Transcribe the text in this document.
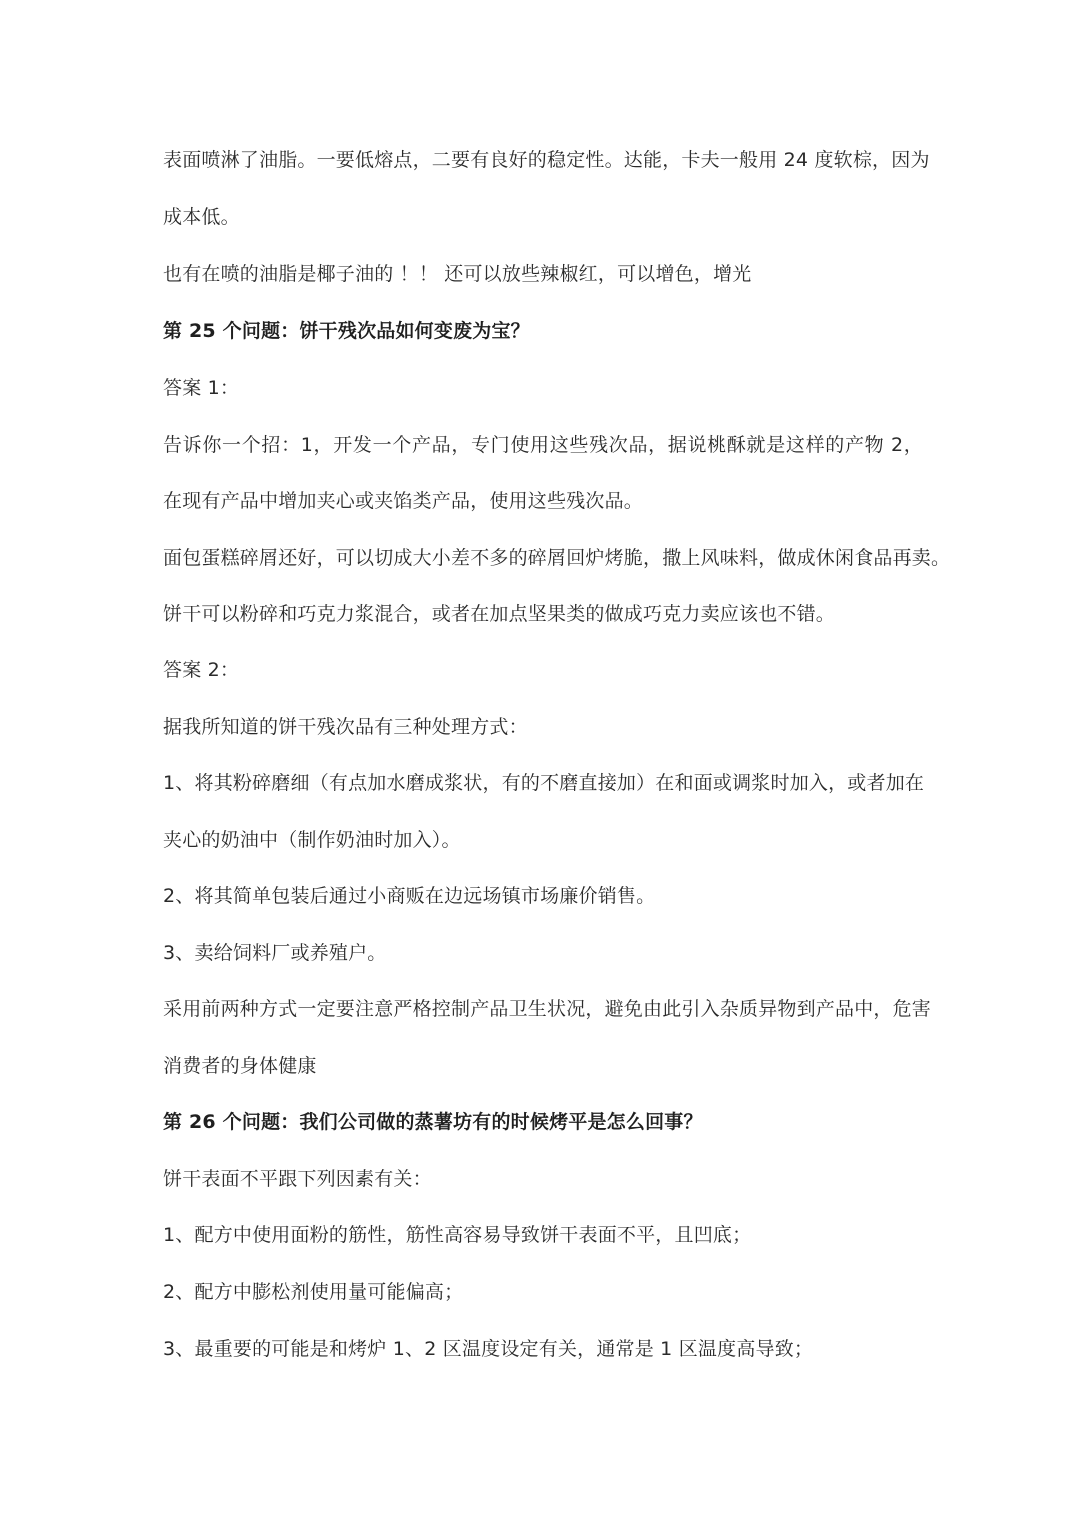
表面喷淋了油脂。一要低熔点，二要有良好的稳定性。达能，卡夫一般用 24 度软棕，因为
成本低。
也有在喷的油脂是椰子油的 ！！ 还可以放些辣椒红，可以增色，增光
第 25 个问题：饼干残次品如何变废为宝？
答案 1：
告诉你一个招：1，开发一个产品，专门使用这些残次品，据说桃酥就是这样的产物 2，
在现有产品中增加夹心或夹馅类产品，使用这些残次品。
面包蛋糕碎屑还好，可以切成大小差不多的碎屑回炉烤脆，撒上风味料，做成休闲食品再卖。
饼干可以粉碎和巧克力浆混合，或者在加点坚果类的做成巧克力卖应该也不错。
答案 2：
据我所知道的饼干残次品有三种处理方式：
1、将其粉碎磨细（有点加水磨成浆状，有的不磨直接加）在和面或调浆时加入，或者加在
夹心的奶油中（制作奶油时加入）。
2、将其简单包装后通过小商贩在边远场镇市场廉价销售。
3、卖给饲料厂或养殖户。
采用前两种方式一定要注意严格控制产品卫生状况，避免由此引入杂质异物到产品中，危害
消费者的身体健康
第 26 个问题：我们公司做的蒸薯坊有的时候烤平是怎么回事？
饼干表面不平跟下列因素有关：
1、配方中使用面粉的筋性，筋性高容易导致饼干表面不平，且凹底；
2、配方中膨松剂使用量可能偏高；
3、最重要的可能是和烤炉 1、2 区温度设定有关，通常是 1 区温度高导致；
